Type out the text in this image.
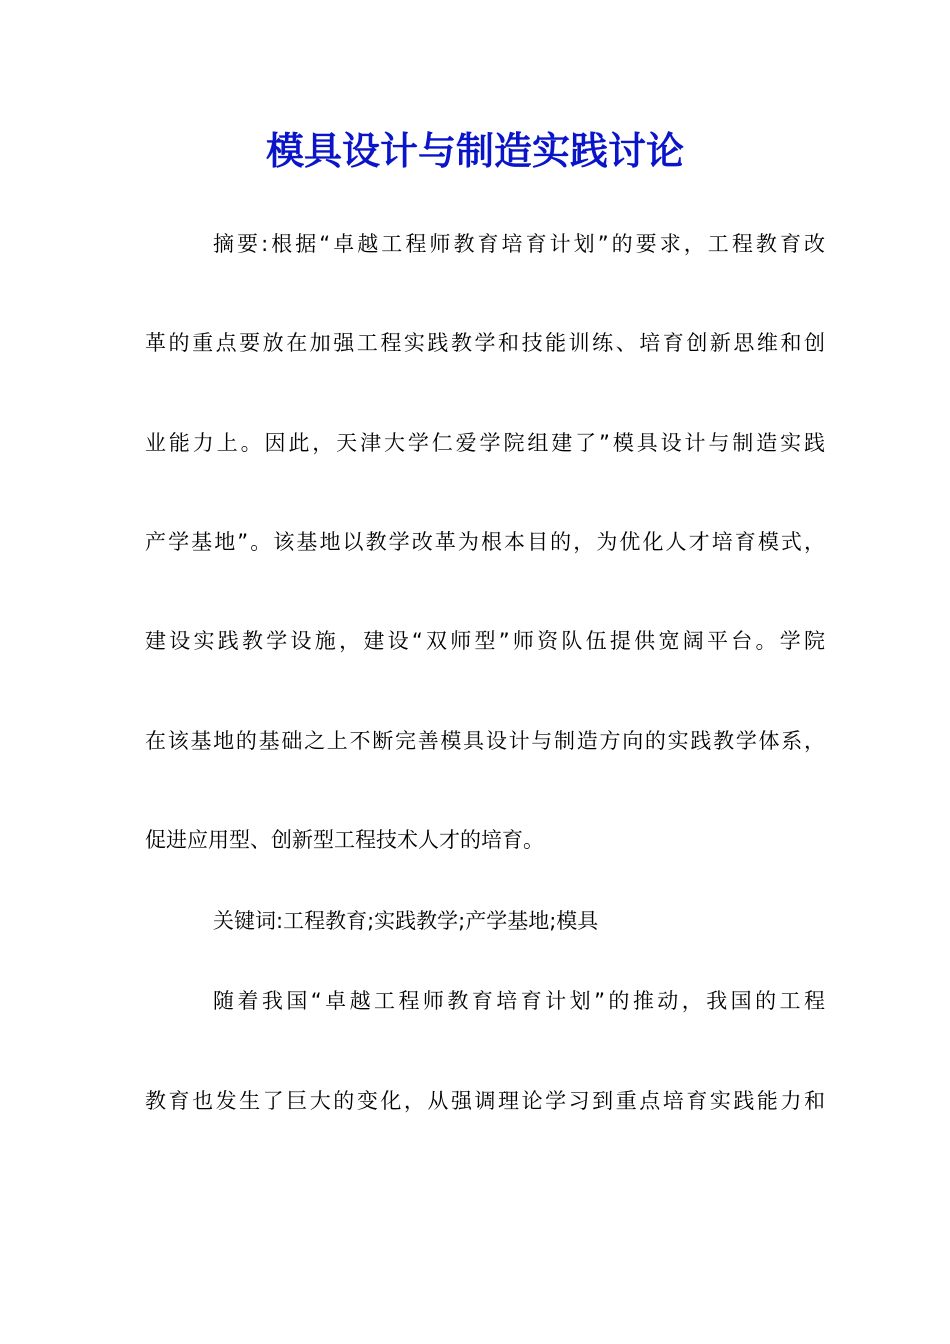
模具设计与制造实践讨论
摘要:根据“卓越工程师教育培育计划”的要求，工程教育改
革的重点要放在加强工程实践教学和技能训练、培育创新思维和创
业能力上。因此，天津大学仁爱学院组建了”模具设计与制造实践
产学基地”。该基地以教学改革为根本目的，为优化人才培育模式，
建设实践教学设施，建设“双师型”师资队伍提供宽阔平台。学院
在该基地的基础之上不断完善模具设计与制造方向的实践教学体系，
促进应用型、创新型工程技术人才的培育。
关键词:工程教育;实践教学;产学基地;模具
随着我国“卓越工程师教育培育计划”的推动，我国的工程
教育也发生了巨大的变化，从强调理论学习到重点培育实践能力和
